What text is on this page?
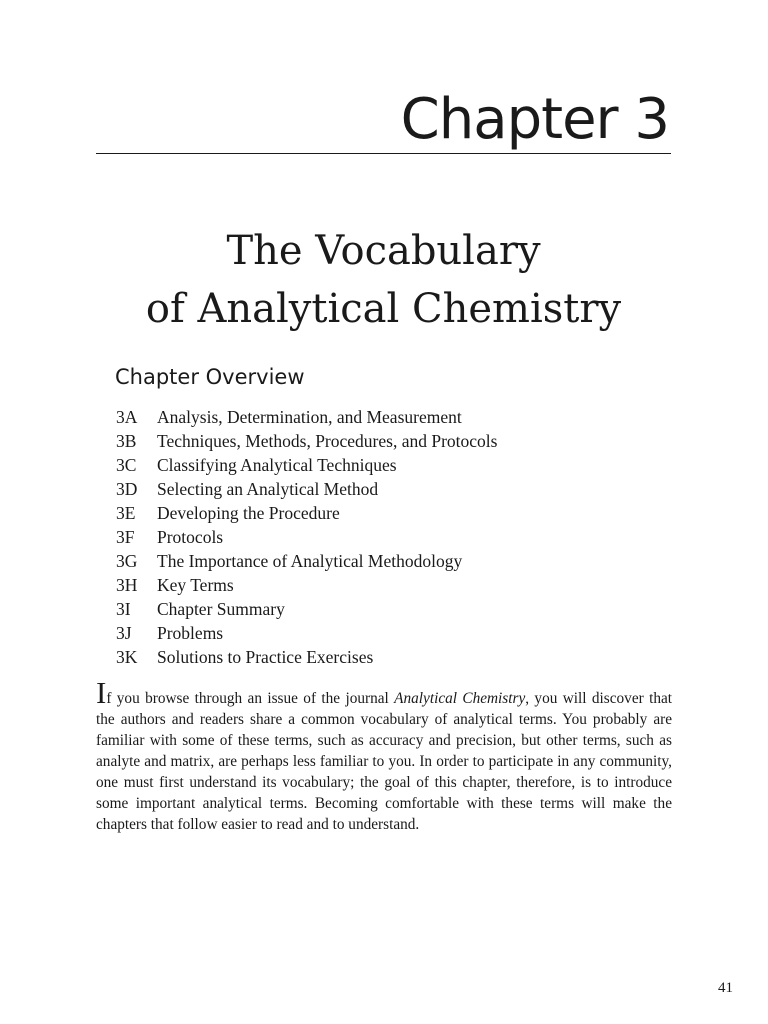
Chapter 3
The Vocabulary
of Analytical Chemistry
Chapter Overview
3A	Analysis, Determination, and Measurement
3B	Techniques, Methods, Procedures, and Protocols
3C	Classifying Analytical Techniques
3D	Selecting an Analytical Method
3E	Developing the Procedure
3F	Protocols
3G	The Importance of Analytical Methodology
3H	Key Terms
3I	Chapter Summary
3J	Problems
3K	Solutions to Practice Exercises

If you browse through an issue of the journal Analytical Chemistry, you will discover that the authors and readers share a common vocabulary of analytical terms. You probably are familiar with some of these terms, such as accuracy and precision, but other terms, such as analyte and matrix, are perhaps less familiar to you. In order to participate in any community, one must first understand its vocabulary; the goal of this chapter, therefore, is to introduce some important analytical terms. Becoming comfortable with these terms will make the chapters that follow easier to read and to understand.

41
